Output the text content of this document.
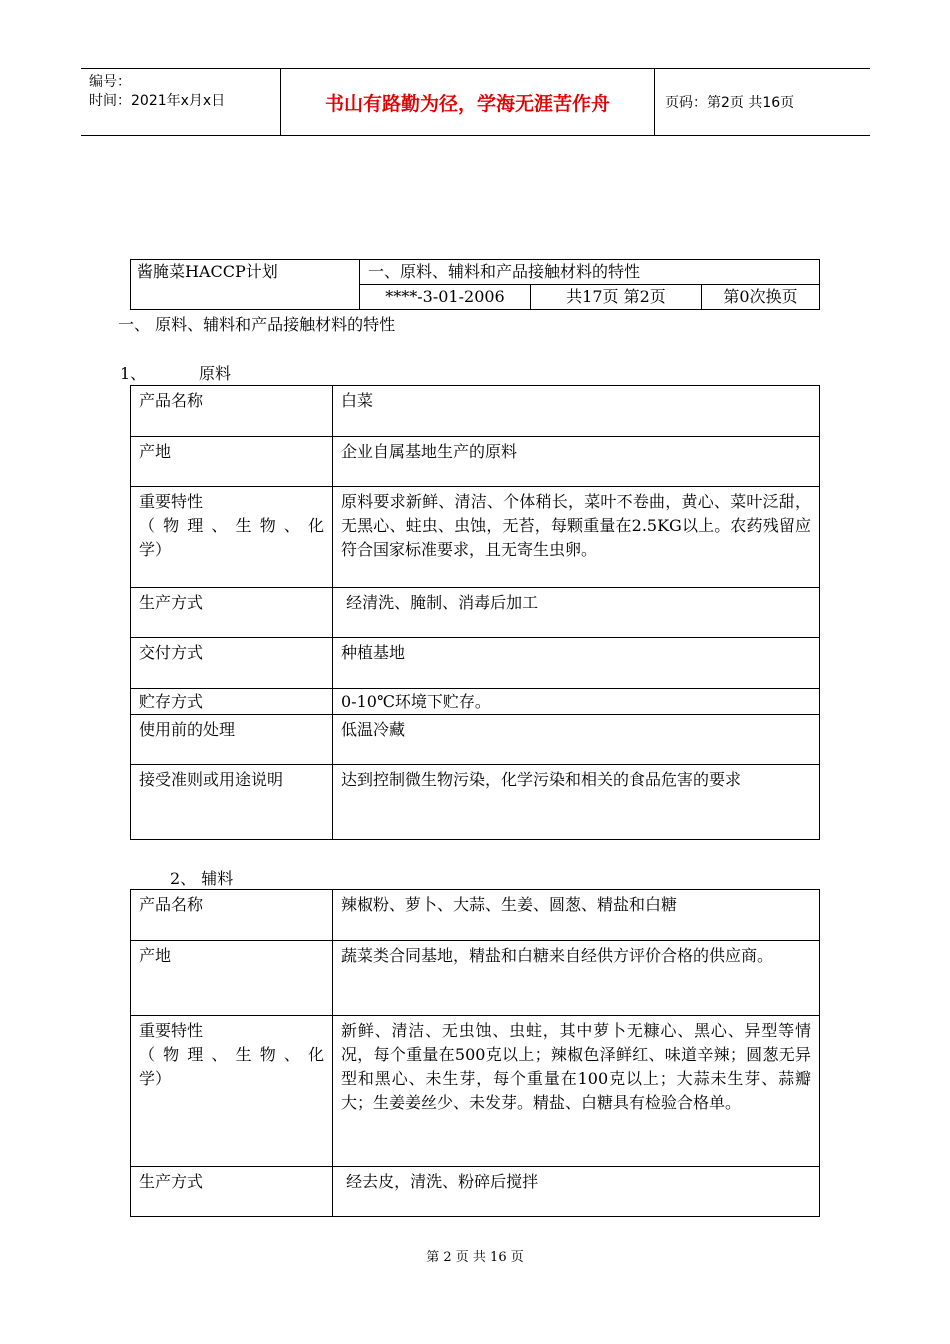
编号：
时间：2021年x月x日	书山有路勤为径，学海无涯苦作舟	页码：第2页 共16页
酱腌菜HACCP计划	一、原料、辅料和产品接触材料的特性		
	****-3-01-2006	共17页 第2页	第0次换页
一、 原料、辅料和产品接触材料的特性
1、	原料
产品名称	白菜
产地	企业自属基地生产的原料

重要特性
（物理、生物、化
学）	原料要求新鲜、清洁、个体稍长，菜叶不卷曲，黄心、菜叶泛甜，无黑心、蛀虫、虫蚀，无苔，每颗重量在2.5KG以上。农药残留应符合国家标准要求，且无寄生虫卵。
生产方式	经清洗、腌制、消毒后加工
交付方式	种植基地
贮存方式	0-10℃环境下贮存。
使用前的处理	低温冷藏
接受准则或用途说明	达到控制微生物污染，化学污染和相关的食品危害的要求
2、 辅料
产品名称	辣椒粉、萝卜、大蒜、生姜、圆葱、精盐和白糖
产地	蔬菜类合同基地，精盐和白糖来自经供方评价合格的供应商。

重要特性
（物理、生物、化
学）	新鲜、清洁、无虫蚀、虫蛀，其中萝卜无糠心、黑心、异型等情况，每个重量在500克以上；辣椒色泽鲜红、味道辛辣；圆葱无异型和黑心、未生芽，每个重量在100克以上；大蒜未生芽、蒜瓣大；生姜姜丝少、未发芽。精盐、白糖具有检验合格单。
生产方式	经去皮，清洗、粉碎后搅拌
第 2 页 共 16 页
